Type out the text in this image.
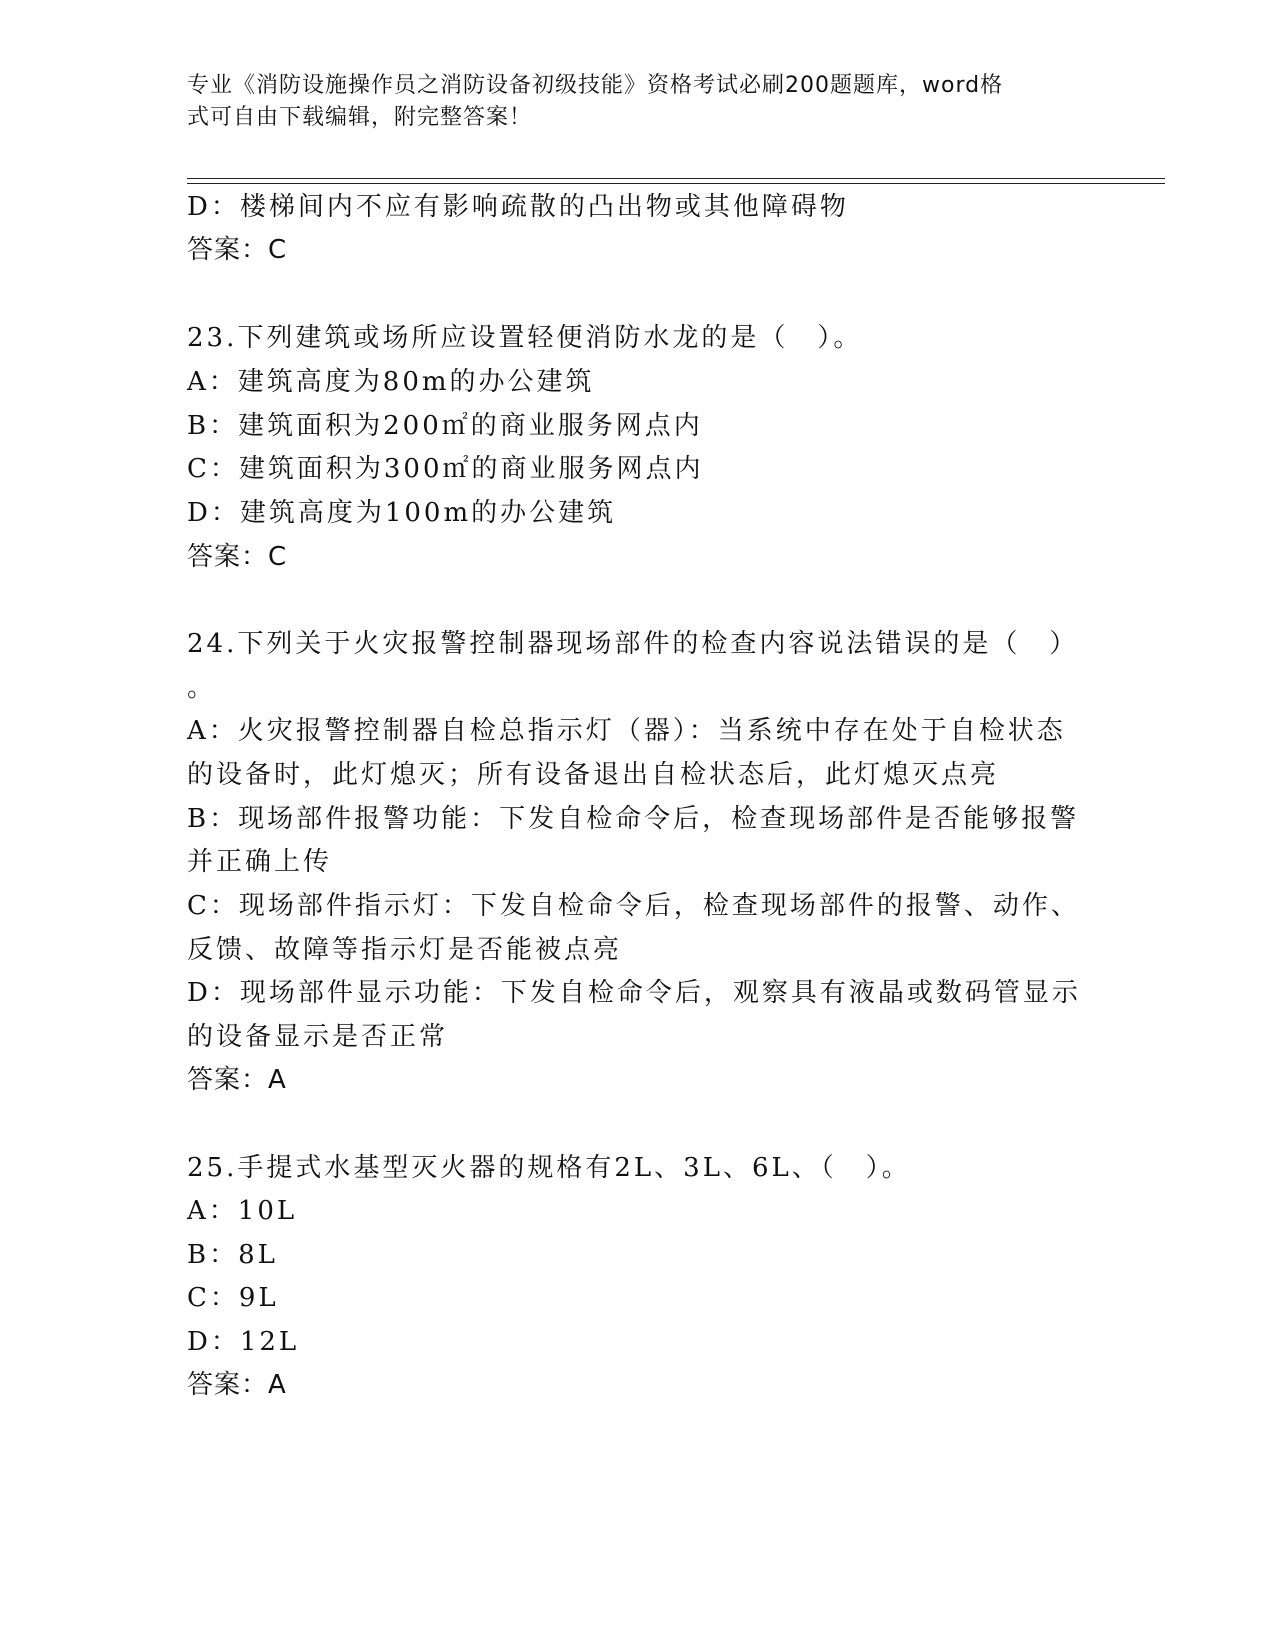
专业《消防设施操作员之消防设备初级技能》资格考试必刷200题题库，word格
式可自由下载编辑，附完整答案！
D：楼梯间内不应有影响疏散的凸出物或其他障碍物
答案：C
23.下列建筑或场所应设置轻便消防水龙的是（　）。
A：建筑高度为80m的办公建筑
B：建筑面积为200㎡的商业服务网点内
C：建筑面积为300㎡的商业服务网点内
D：建筑高度为100m的办公建筑
答案：C
24.下列关于火灾报警控制器现场部件的检查内容说法错误的是（　）
。
A：火灾报警控制器自检总指示灯（器）：当系统中存在处于自检状态
的设备时，此灯熄灭；所有设备退出自检状态后，此灯熄灭点亮
B：现场部件报警功能：下发自检命令后，检查现场部件是否能够报警
并正确上传
C：现场部件指示灯：下发自检命令后，检查现场部件的报警、动作、
反馈、故障等指示灯是否能被点亮
D：现场部件显示功能：下发自检命令后，观察具有液晶或数码管显示
的设备显示是否正常
答案：A
25.手提式水基型灭火器的规格有2L、3L、6L、（　）。
A：10L
B：8L
C：9L
D：12L
答案：A
